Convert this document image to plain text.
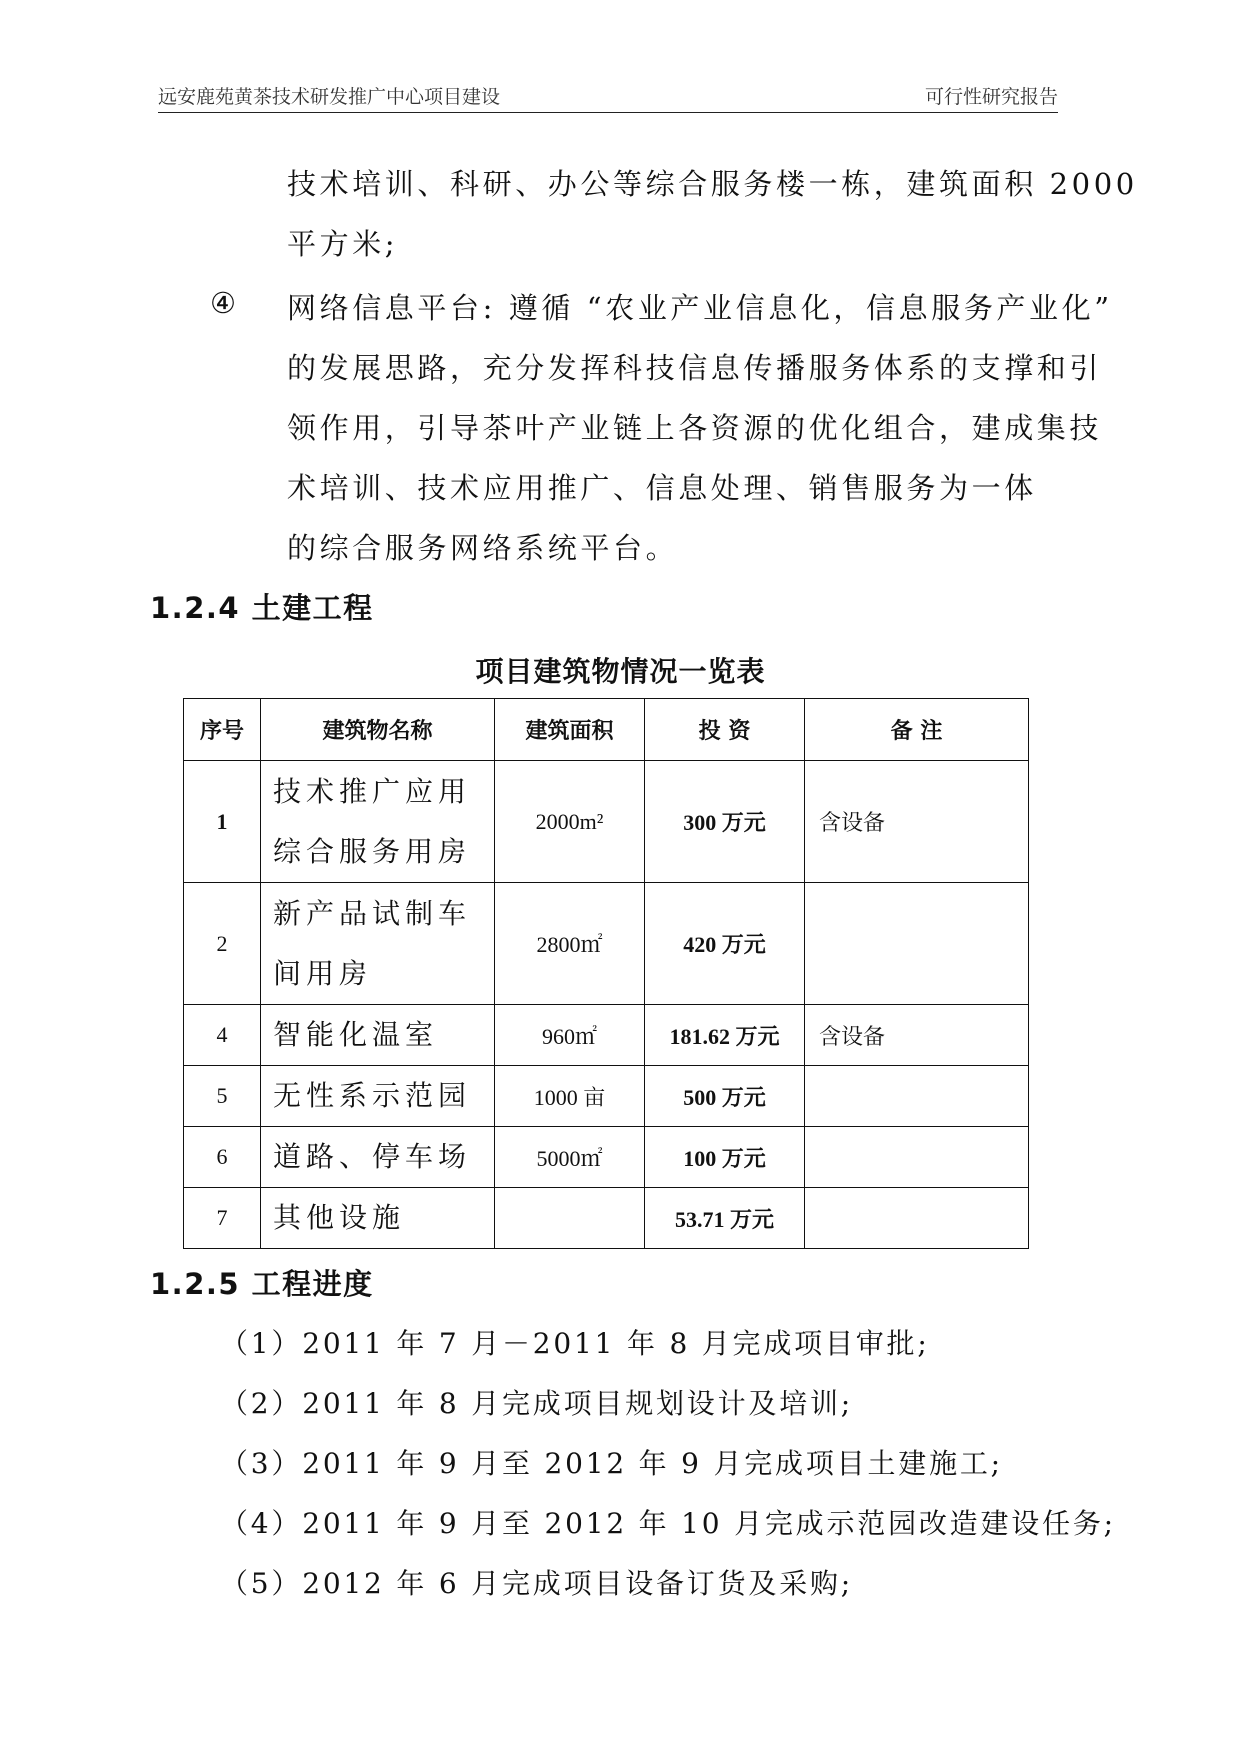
远安鹿苑黄茶技术研发推广中心项目建设	可行性研究报告
技术培训、科研、办公等综合服务楼一栋，建筑面积 2000
平方米;
④ 网络信息平台: 遵循 “农业产业信息化，信息服务产业化”
的发展思路，充分发挥科技信息传播服务体系的支撑和引
领作用，引导茶叶产业链上各资源的优化组合，建成集技
术培训、技术应用推广、信息处理、销售服务为一体
的综合服务网络系统平台。
1.2.4 土建工程
项目建筑物情况一览表
序号	建筑物名称	建筑面积	投 资	备 注
1	技术推广应用
综合服务用房	2000m²	300 万元	含设备
2	新产品试制车
间用房	2800㎡	420 万元	
4	智能化温室	960㎡	181.62 万元	含设备
5	无性系示范园	1000 亩	500 万元	
6	道路、停车场	5000㎡	100 万元	
7	其他设施		53.71 万元	
1.2.5 工程进度
（1）2011 年 7 月－2011 年 8 月完成项目审批;
（2）2011 年 8 月完成项目规划设计及培训;
（3）2011 年 9 月至 2012 年 9 月完成项目土建施工;
（4）2011 年 9 月至 2012 年 10 月完成示范园改造建设任务;
（5）2012 年 6 月完成项目设备订货及采购;
